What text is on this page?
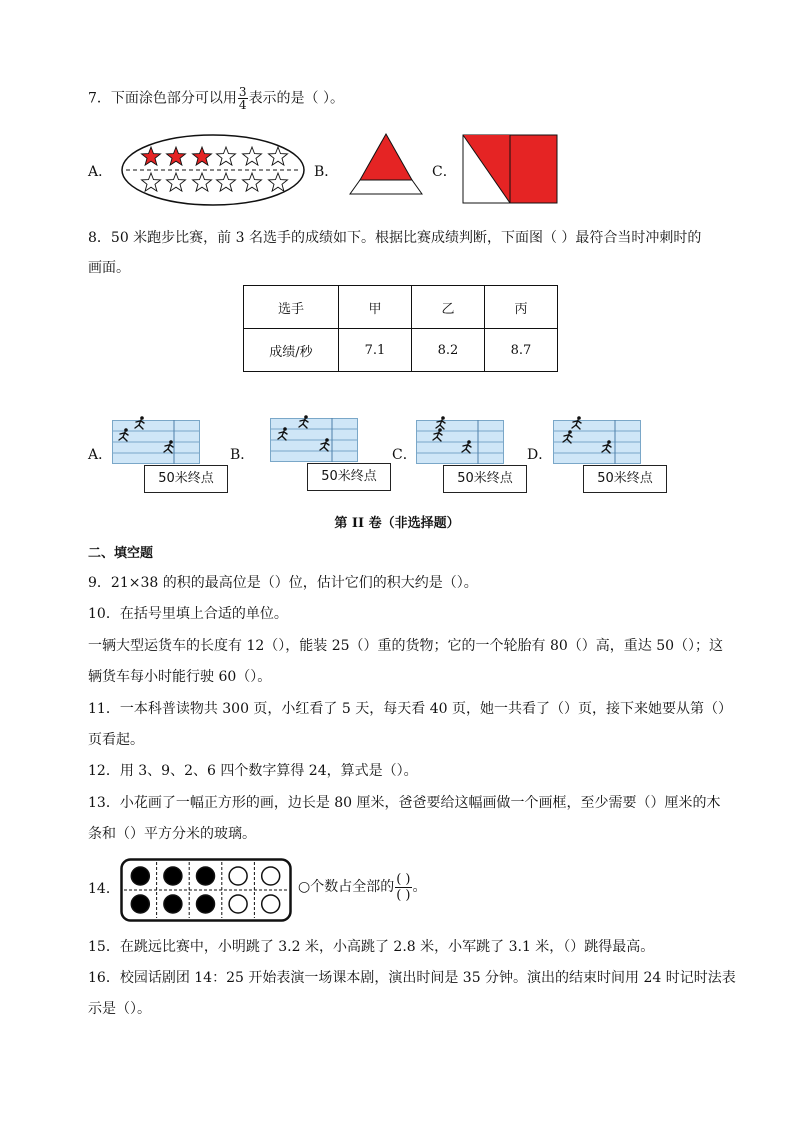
7．下面涂色部分可以用 $\frac{3}{4}$ 表示的是（ ）。
A．	B．	C．
8．50 米跑步比赛，前 3 名选手的成绩如下。根据比赛成绩判断，下面图（ ）最符合当时冲刺时的
画面。
选手	甲	乙	丙
成绩/秒	7.1	8.2	8.7
A．	B．	C．	D．
50米终点	50米终点	50米终点	50米终点
第 II 卷（非选择题）
二、填空题
9．21×38 的积的最高位是（）位，估计它们的积大约是（）。
10．在括号里填上合适的单位。
一辆大型运货车的长度有 12（），能装 25（）重的货物；它的一个轮胎有 80（）高，重达 50（）；这
辆货车每小时能行驶 60（）。
11．一本科普读物共 300 页，小红看了 5 天，每天看 40 页，她一共看了（）页，接下来她要从第（）
页看起。
12．用 3、9、2、6 四个数字算得 24，算式是（）。
13．小花画了一幅正方形的画，边长是 80 厘米，爸爸要给这幅画做一个画框，至少需要（）厘米的木
条和（）平方分米的玻璃。
14．	○个数占全部的 $\frac{( )}{( )}$ 。
15．在跳远比赛中，小明跳了 3.2 米，小高跳了 2.8 米，小军跳了 3.1 米，（）跳得最高。
16．校园话剧团 14：25 开始表演一场课本剧，演出时间是 35 分钟。演出的结束时间用 24 时记时法表
示是（）。
